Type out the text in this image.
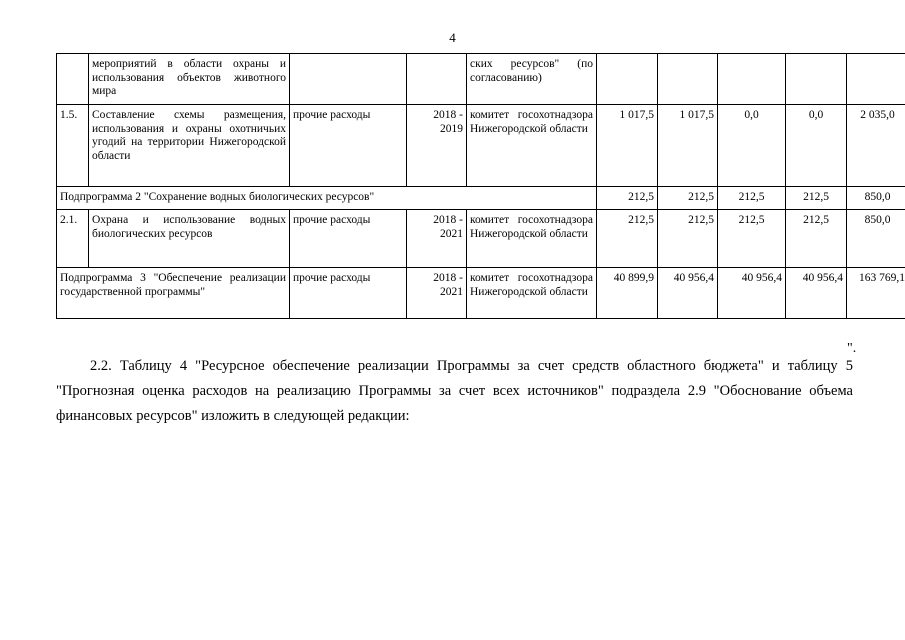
4
	мероприятий в области охраны и использования объектов животного мира			ских ресурсов" (по согласованию)					
1.5.	Составление схемы размещения, использования и охраны охотничьих угодий на территории Нижегородской области	прочие расходы	2018 - 2019	комитет госохотнадзора Нижегородской области	1 017,5	1 017,5	0,0	0,0	2 035,0
Подпрограмма 2 "Сохранение водных биологических ресурсов"					212,5	212,5	212,5	212,5	850,0
2.1.	Охрана и использование водных биологических ресурсов	прочие расходы	2018 - 2021	комитет госохотнадзора Нижегородской области	212,5	212,5	212,5	212,5	850,0
Подпрограмма 3 "Обеспечение реализации государственной программы"		прочие расходы	2018 - 2021	комитет госохотнадзора Нижегородской области	40 899,9	40 956,4	40 956,4	40 956,4	163 769,1
".
2.2. Таблицу 4 "Ресурсное обеспечение реализации Программы за счет средств областного бюджета" и таблицу 5 "Прогнозная оценка расходов на реализацию Программы за счет всех источников" подраздела 2.9 "Обоснование объема финансовых ресурсов" изложить в следующей редакции:
